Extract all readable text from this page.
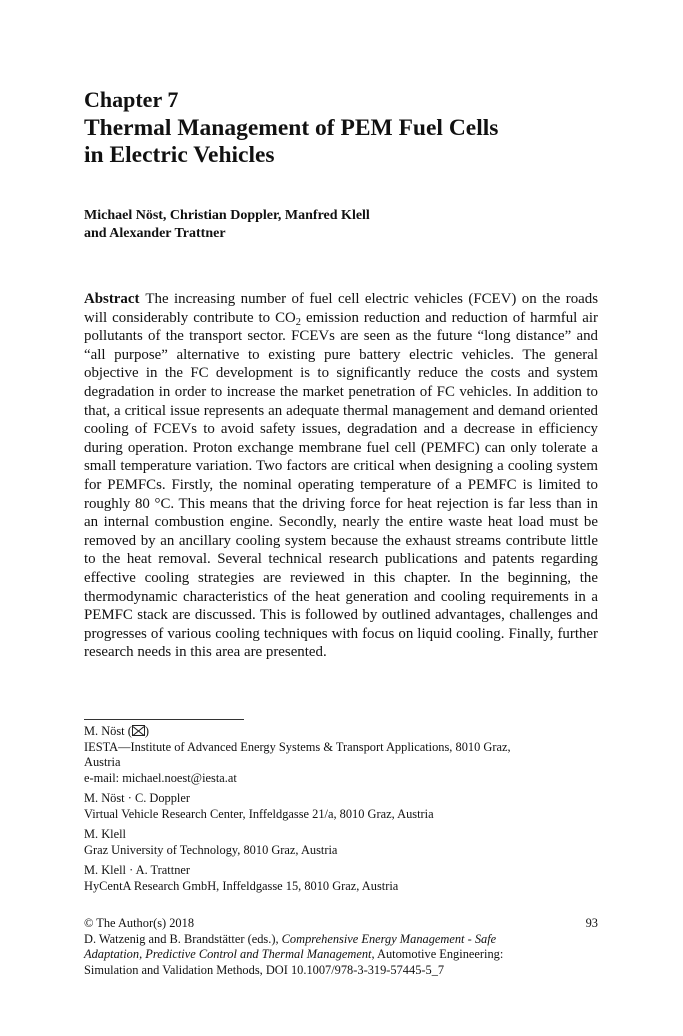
Chapter 7
Thermal Management of PEM Fuel Cells
in Electric Vehicles
Michael Nöst, Christian Doppler, Manfred Klell
and Alexander Trattner
Abstract The increasing number of fuel cell electric vehicles (FCEV) on the roads will considerably contribute to $CO_2$ emission reduction and reduction of harmful air pollutants of the transport sector. FCEVs are seen as the future “long distance” and “all purpose” alternative to existing pure battery electric vehicles. The general objective in the FC development is to significantly reduce the costs and system degradation in order to increase the market penetration of FC vehicles. In addition to that, a critical issue represents an adequate thermal management and demand oriented cooling of FCEVs to avoid safety issues, degradation and a decrease in efficiency during operation. Proton exchange membrane fuel cell (PEMFC) can only tolerate a small temperature variation. Two factors are critical when designing a cooling system for PEMFCs. Firstly, the nominal operating temperature of a PEMFC is limited to roughly 80 °C. This means that the driving force for heat rejection is far less than in an internal combustion engine. Secondly, nearly the entire waste heat load must be removed by an ancillary cooling system because the exhaust streams contribute little to the heat removal. Several technical research publications and patents regarding effective cooling strategies are reviewed in this chapter. In the beginning, the thermodynamic characteristics of the heat generation and cooling requirements in a PEMFC stack are discussed. This is followed by outlined advantages, challenges and progresses of various cooling techniques with focus on liquid cooling. Finally, further research needs in this area are presented.

M. Nöst ( )

IESTA—Institute of Advanced Energy Systems & Transport Applications, 8010 Graz,

Austria

e-mail: michael.noest@iesta.at

M. Nöst · C. Doppler

Virtual Vehicle Research Center, Inffeldgasse 21/a, 8010 Graz, Austria

M. Klell

Graz University of Technology, 8010 Graz, Austria

M. Klell · A. Trattner

HyCentA Research GmbH, Inffeldgasse 15, 8010 Graz, Austria

© The Author(s) 2018	93
D. Watzenig and B. Brandstätter (eds.), Comprehensive Energy Management - Safe
Adaptation, Predictive Control and Thermal Management, Automotive Engineering:
Simulation and Validation Methods, DOI 10.1007/978-3-319-57445-5_7
